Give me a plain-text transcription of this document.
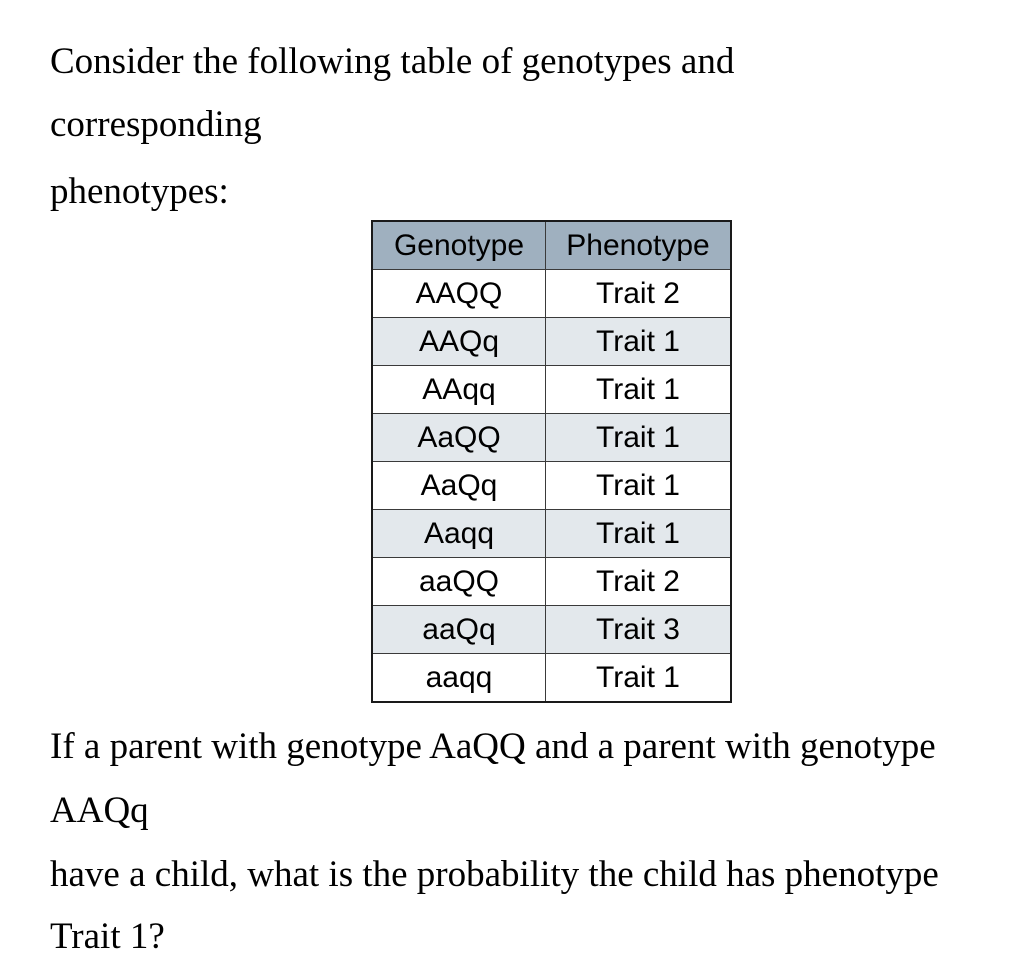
Consider the following table of genotypes and

corresponding

phenotypes:

Genotype	Phenotype
AAQQ	Trait 2
AAQq	Trait 1
AAqq	Trait 1
AaQQ	Trait 1
AaQq	Trait 1
Aaqq	Trait 1
aaQQ	Trait 2
aaQq	Trait 3
aaqq	Trait 1

If a parent with genotype AaQQ and a parent with genotype

AAQq

have a child, what is the probability the child has phenotype

Trait 1?
